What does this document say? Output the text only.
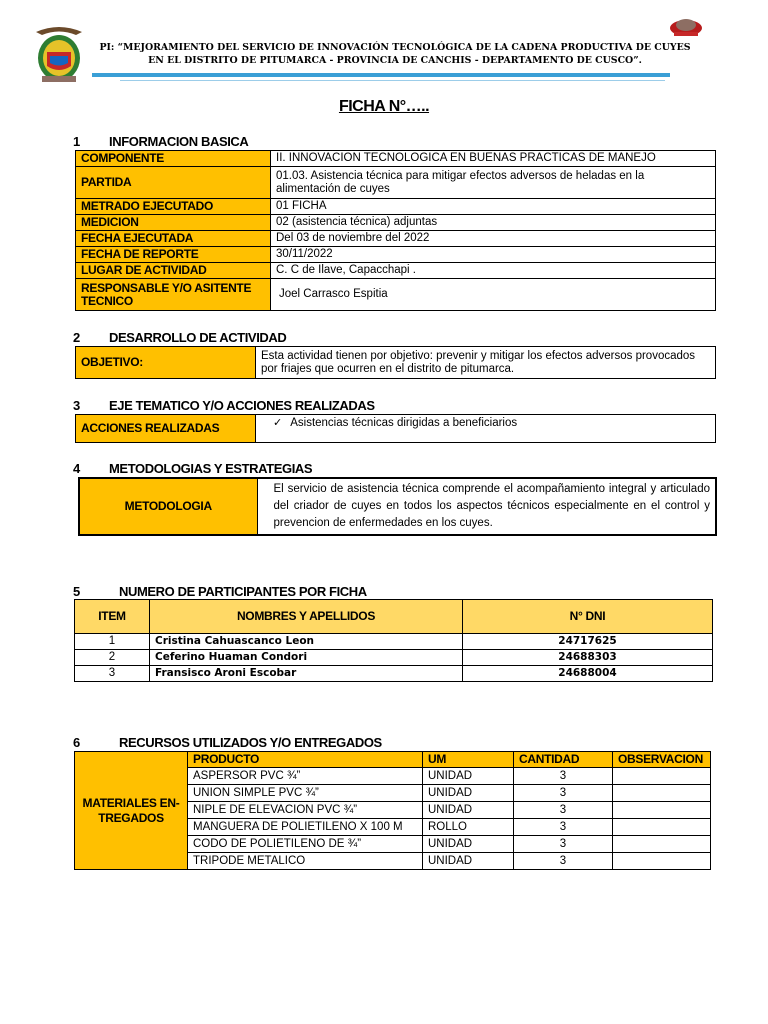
PI: “MEJORAMIENTO DEL SERVICIO DE INNOVACIÓN TECNOLÓGICA DE LA CADENA PRODUCTIVA DE CUYES EN EL DISTRITO DE PITUMARCA - PROVINCIA DE CANCHIS - DEPARTAMENTO DE CUSCO”.
FICHA N°…..
1 INFORMACION BASICA
COMPONENTE	II. INNOVACION TECNOLOGICA EN BUENAS PRACTICAS DE MANEJO
PARTIDA	01.03. Asistencia técnica para mitigar efectos adversos de heladas en la alimentación de cuyes
METRADO EJECUTADO	01 FICHA
MEDICION	02 (asistencia técnica) adjuntas
FECHA EJECUTADA	Del 03 de noviembre del 2022
FECHA DE REPORTE	30/11/2022
LUGAR DE ACTIVIDAD	C. C de Ilave, Capacchapi .
RESPONSABLE Y/O ASITENTE TECNICO	Joel Carrasco Espitia
2 DESARROLLO DE ACTIVIDAD
OBJETIVO:	Esta actividad tienen por objetivo: prevenir y mitigar los efectos adversos provocados por friajes que ocurren en el distrito de pitumarca.
3 EJE TEMATICO Y/O ACCIONES REALIZADAS
ACCIONES REALIZADAS	✓ Asistencias técnicas dirigidas a beneficiarios
4 METODOLOGIAS Y ESTRATEGIAS
METODOLOGIA	El servicio de asistencia técnica comprende el acompañamiento integral y articulado del criador de cuyes en todos los aspectos técnicos especialmente en el control y prevencion de enfermedades en los cuyes.
5	NUMERO DE PARTICIPANTES POR FICHA
ITEM	NOMBRES Y APELLIDOS	N° DNI
1	Cristina Cahuascanco Leon	24717625
2	Ceferino Huaman Condori	24688303
3	Fransisco Aroni Escobar	24688004
6	RECURSOS UTILIZADOS Y/O ENTREGADOS
MATERIALES EN-TREGADOS	PRODUCTO	UM	CANTIDAD	OBSERVACION
	ASPERSOR PVC ¾”	UNIDAD	3	
	UNION SIMPLE PVC ¾”	UNIDAD	3	
	NIPLE DE ELEVACION PVC ¾”	UNIDAD	3	
	MANGUERA DE POLIETILENO X 100 M	ROLLO	3	
	CODO DE POLIETILENO DE ¾”	UNIDAD	3	
	TRIPODE METALICO	UNIDAD	3	
